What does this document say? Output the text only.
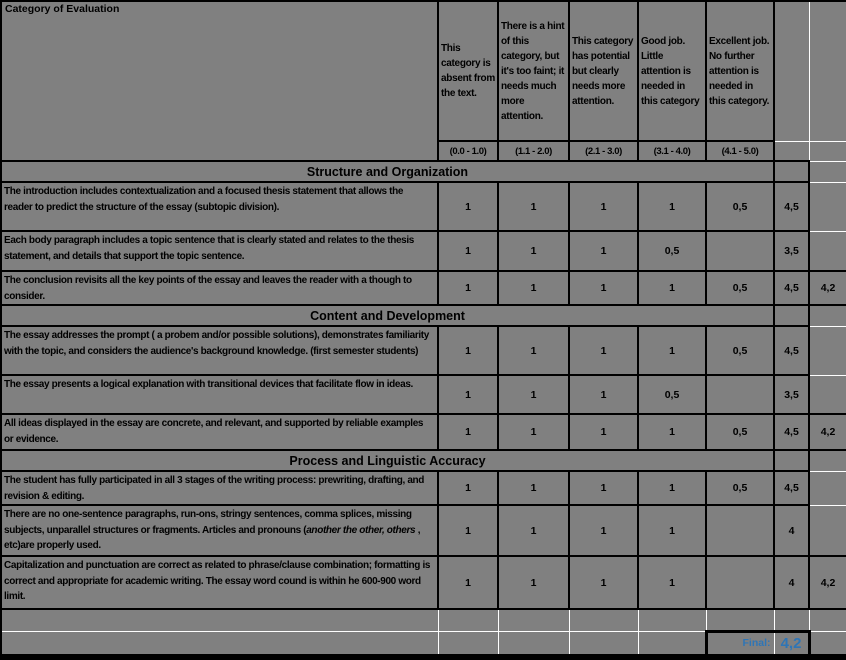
Category of Evaluation	This category is absent from the text.	There is a hint of this category, but it's too faint; it needs much more attention.	This category has potential but clearly needs more attention.	Good job. Little attention is needed in this category	Excellent job. No further attention is needed in this category.		
	(0.0 - 1.0)	(1.1 - 2.0)	(2.1 - 3.0)	(3.1 - 4.0)	(4.1 - 5.0)		
Structure and Organization							
The introduction includes contextualization and a focused thesis statement that allows the reader to predict the structure of the essay (subtopic division).	1	1	1	1	0,5	4,5	
Each body paragraph includes a topic sentence that is clearly stated and relates to the thesis statement, and details that support the topic sentence.	1	1	1	0,5		3,5	
The conclusion revisits all the key points of the essay and leaves the reader with a though to consider.	1	1	1	1	0,5	4,5	4,2
Content and Development							
The essay addresses the prompt ( a probem and/or possible solutions), demonstrates familiarity with the topic, and considers the audience's background knowledge. (first semester students)	1	1	1	1	0,5	4,5	
The essay presents a logical explanation with transitional devices that facilitate flow in ideas.	1	1	1	0,5		3,5	
All ideas displayed in the essay are concrete, and relevant, and supported by reliable examples or evidence.	1	1	1	1	0,5	4,5	4,2
Process and Linguistic Accuracy							
The student has fully participated in all 3 stages of the writing process: prewriting, drafting, and revision & editing.	1	1	1	1	0,5	4,5	
There are no one-sentence paragraphs, run-ons, stringy sentences, comma splices, missing subjects, unparallel structures or fragments. Articles and pronouns (another the other, others , etc)are properly used.	1	1	1	1		4	
Capitalization and punctuation are correct as related to phrase/clause combination; formatting is correct and appropriate for academic writing. The essay word cound is within he 600-900 word limit.	1	1	1	1		4	4,2

					Final:	4,2	
